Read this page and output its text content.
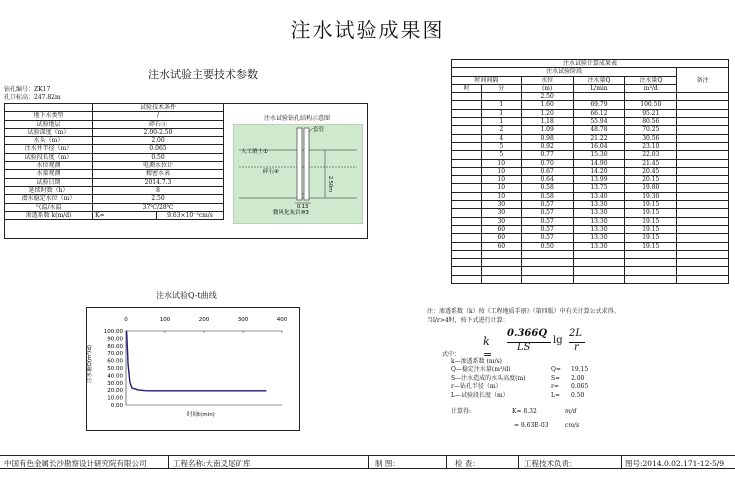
注水试验成果图
注水试验主要技术参数
钻孔编号：ZK17
孔口标高：247.82m
	试验技术条件	
地下水类型	/	
试验地层	碎石④	
试验深度（m）	2.00-2.50	
水头（m）	2.00	
注水井半径（m）	0.065	
试验段长度（m）	0.50	
水位观测	电测水位计	
水量观测	精密水表	
试验日期	2014.7.3	
延续时数（h）	8	
潜水稳定水位（m）	2.50	
气温/水温	37℃/28℃	
渗透系数 k(m/d)	K=	9.63×10⁻³cm/s
注水试验钻孔结构示意图
套管
人工填土①
碎石④
2.50m
0.13
微风化灰岩⑩3
注水试验Q-t曲线
100.00
90.00
80.00
70.00
60.00
50.00
40.00
30.00
20.00
10.00
0.00
0	100	200	300	400
注水量Q(m³/d)
时间t(min)
注水试验计算成果表					
注水试验阶段					备注
时间间隔		水位	注水量Q	注水量Q	
时	分	(m)	L/min	m³/d	
		2.50			
	1	1.60	69.79	100.50	
	1	1.20	66.12	95.21	
	1	1.18	55.94	80.56	
	2	1.09	48.78	70.25	
	4	0.98	21.22	30.56	
	5	0.92	16.04	23.10	
	5	0.77	15.30	22.03	
	10	0.70	14.90	21.45	
	10	0.67	14.20	20.45	
	10	0.64	13.99	20.15	
	10	0.58	13.75	19.80	
	10	0.58	13.40	19.30	
	30	0.57	13.30	19.15	
	30	0.57	13.30	19.15	
	30	0.57	13.30	19.15	
	60	0.57	13.30	19.15	
	60	0.57	13.30	19.15	
	60	0.50	13.30	19.15	

注：渗透系数（k）按《工程地质手册》（第四版）中有关计算公式求得。
当l/r>4时，按下式进行计算：
k =
0.366Q
LS
lg
2L
r
式中：
k—渗透系数 (m/s)
Q—稳定注水量(m³/d)	Q= 19.15
S—注水造成的水头高度(m)	S= 2.00
r—钻孔半径（m）	r= 0.065
L—试验段长度（m）	L= 0.50
计算得:	K= 8.32	m/d
= 9.63E-03	cm/s
中国有色金属长沙勘察设计研究院有限公司	工程名称:大南爻尾矿库	制 图：	检 查：	工程技术负责：	图号:2014.0.02.171-12-5/9
